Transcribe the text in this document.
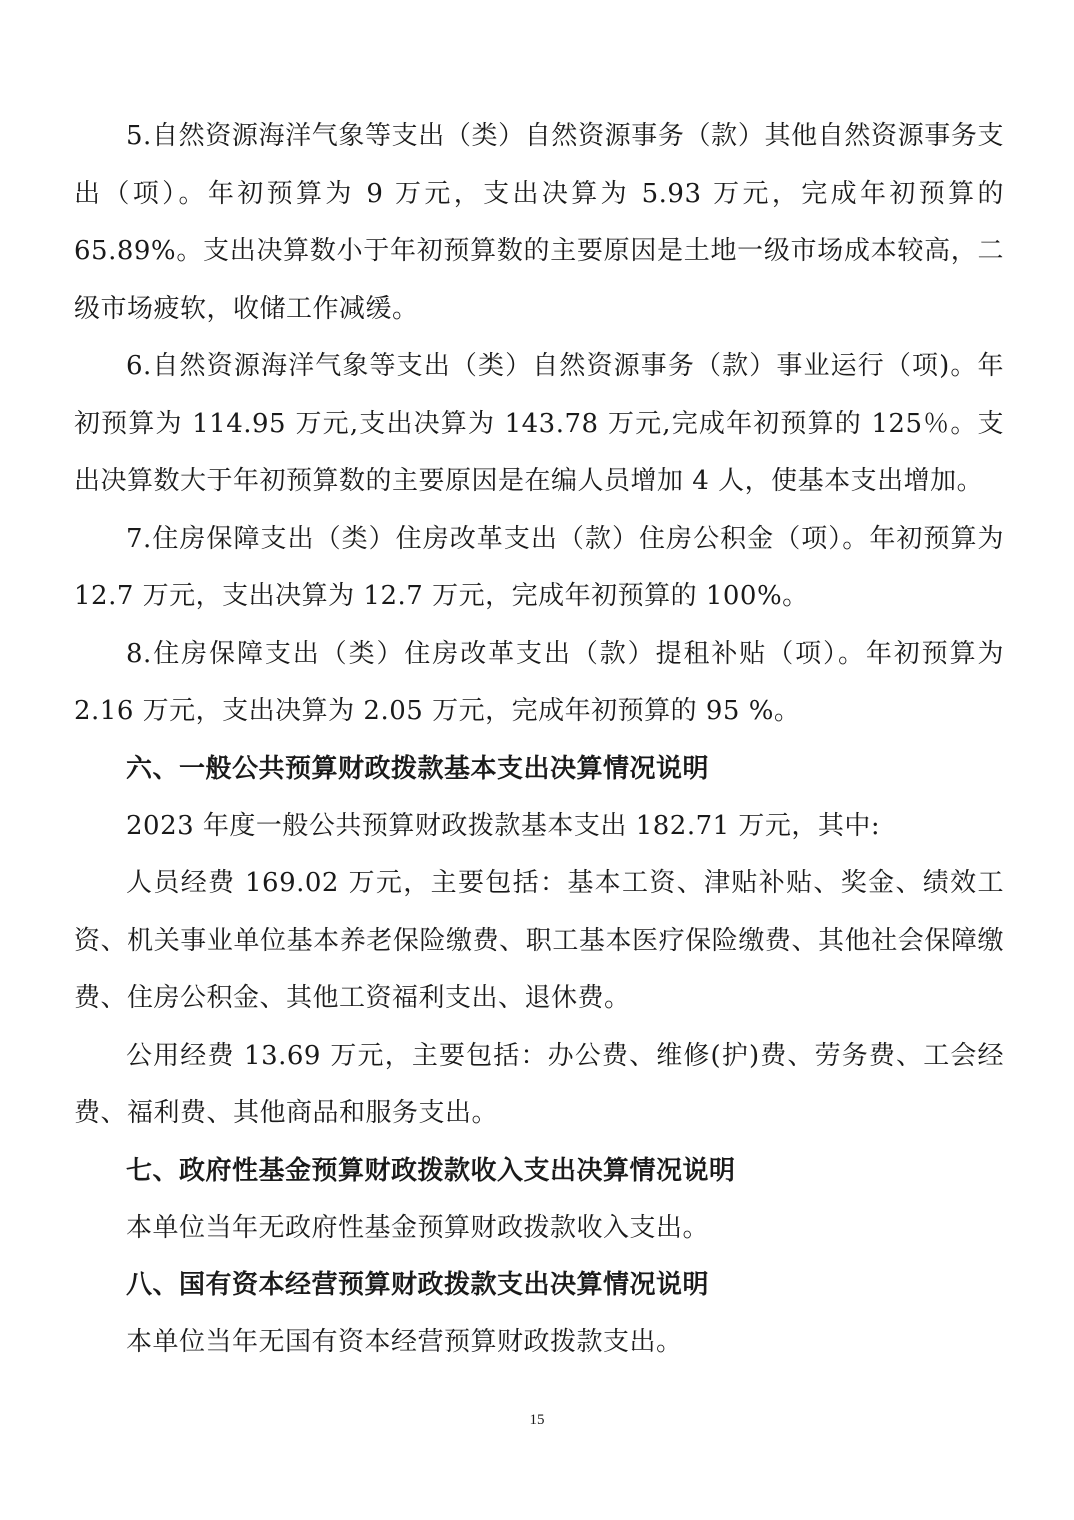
5.自然资源海洋气象等支出（类）自然资源事务（款）其他自然资源事务支出（项）。年初预算为 9 万元，支出决算为 5.93 万元，完成年初预算的 65.89%。支出决算数小于年初预算数的主要原因是土地一级市场成本较高，二级市场疲软，收储工作减缓。

6.自然资源海洋气象等支出（类）自然资源事务（款）事业运行（项)。年初预算为 114.95 万元,支出决算为 143.78 万元,完成年初预算的 125％。支出决算数大于年初预算数的主要原因是在编人员增加 4 人，使基本支出增加。

7.住房保障支出（类）住房改革支出（款）住房公积金（项）。年初预算为 12.7 万元，支出决算为 12.7 万元，完成年初预算的 100%。

8.住房保障支出（类）住房改革支出（款）提租补贴（项）。年初预算为 2.16 万元，支出决算为 2.05 万元，完成年初预算的 95 %。

六、一般公共预算财政拨款基本支出决算情况说明

2023 年度一般公共预算财政拨款基本支出 182.71 万元，其中:

人员经费 169.02 万元，主要包括：基本工资、津贴补贴、奖金、绩效工资、机关事业单位基本养老保险缴费、职工基本医疗保险缴费、其他社会保障缴费、住房公积金、其他工资福利支出、退休费。

公用经费 13.69 万元，主要包括：办公费、维修(护)费、劳务费、工会经费、福利费、其他商品和服务支出。

七、政府性基金预算财政拨款收入支出决算情况说明

本单位当年无政府性基金预算财政拨款收入支出。

八、国有资本经营预算财政拨款支出决算情况说明

本单位当年无国有资本经营预算财政拨款支出。

15
